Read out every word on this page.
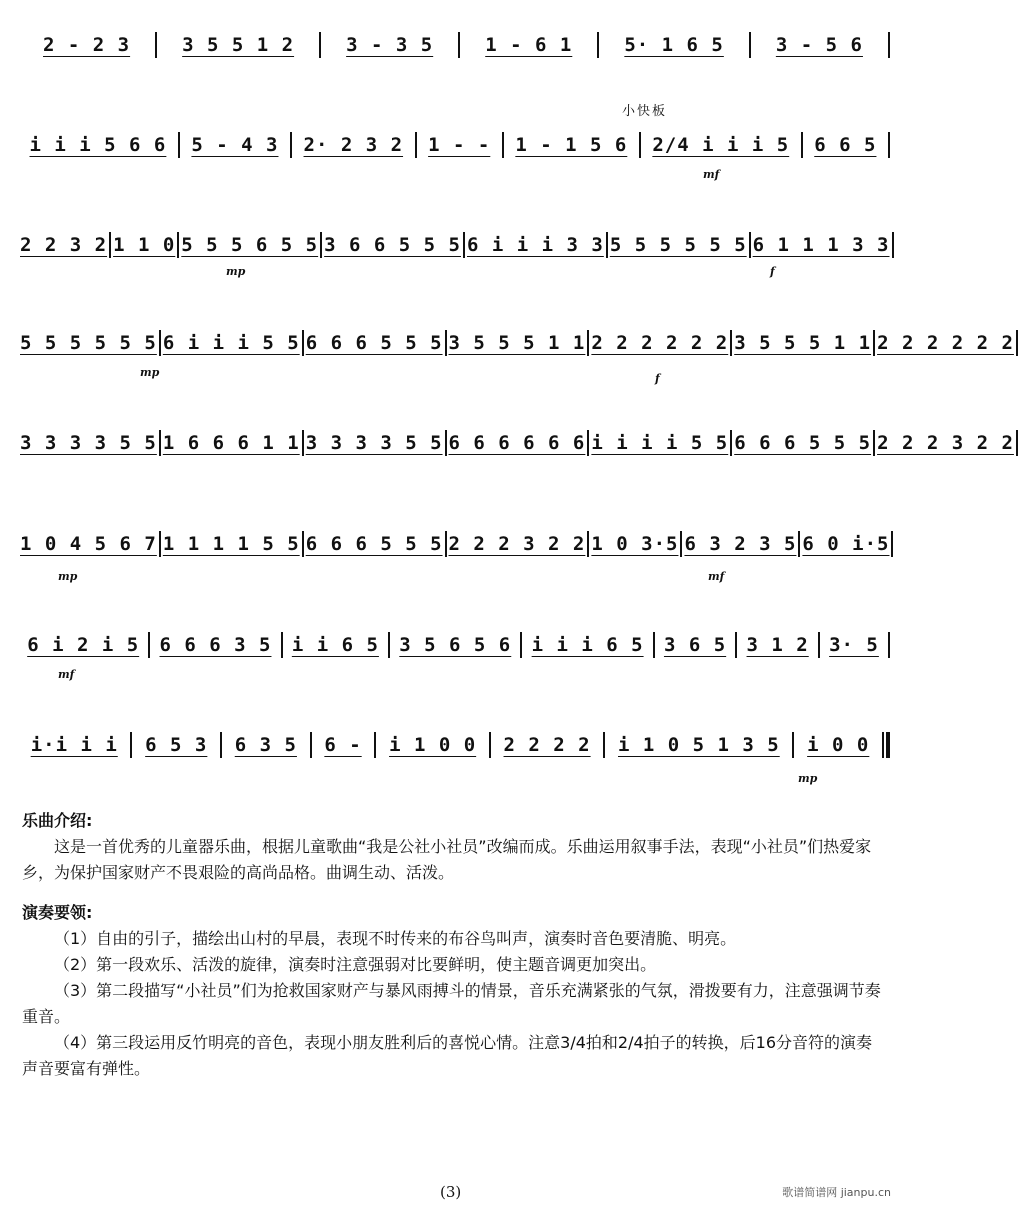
小快板
2 - 2 3	3 5 5 1 2	3 - 3 5	1 - 6 1	5· 1 6 5	3 - 5 6
i i i 5 6 6	5 - 4 3	2· 2 3 2	1 - -	1 - 1 5 6	2/4 i i i 5	6 6 5
2 2 3 2 1 1 0 5 5 5 6 5 5 3 6 6 5 5 5 6 i i i 3 3 5 5 5 5 5 5 6 1 1 1 3 3
5 5 5 5 5 5 6 i i i 5 5 6 6 6 5 5 5 3 5 5 5 1 1 2 2 2 2 2 2 3 5 5 5 1 1 2 2 2 2 2 2
3 3 3 3 5 5 1 6 6 6 1 1 3 3 3 3 5 5 6 6 6 6 6 6 i i i i 5 5 6 6 6 5 5 5 2 2 2 3 2 2
1 0 4 5 6 7 1 1 1 1 5 5 6 6 6 5 5 5 2 2 2 3 2 2 1 0 3·5 6 3 2 3 5 6 0 i·5
6 i 2 i 5	6 6 6 3 5	i i 6 5	3 5 6 5 6	i i i 6 5	3 6 5	3 1 2	3· 5
i·i i i	6 5 3	6 3 5	6 -	i 1 0 0	2 2 2 2	i 1 0 5 1 3 5	i 0 0
mf
mp	f
mp	f
mp	mf
mf
mp
乐曲介绍:

这是一首优秀的儿童器乐曲，根据儿童歌曲“我是公社小社员”改编而成。乐曲运用叙事手法，表现“小社员”们热爱家乡，为保护国家财产不畏艰险的高尚品格。曲调生动、活泼。

演奏要领:

（1）自由的引子，描绘出山村的早晨，表现不时传来的布谷鸟叫声，演奏时音色要清脆、明亮。

（2）第一段欢乐、活泼的旋律，演奏时注意强弱对比要鲜明，使主题音调更加突出。

（3）第二段描写“小社员”们为抢救国家财产与暴风雨搏斗的情景，音乐充满紧张的气氛，滑拨要有力，注意强调节奏重音。

（4）第三段运用反竹明亮的音色，表现小朋友胜利后的喜悦心情。注意3/4拍和2/4拍子的转换，后16分音符的演奏声音要富有弹性。

(3)	歌谱简谱网 jianpu.cn
